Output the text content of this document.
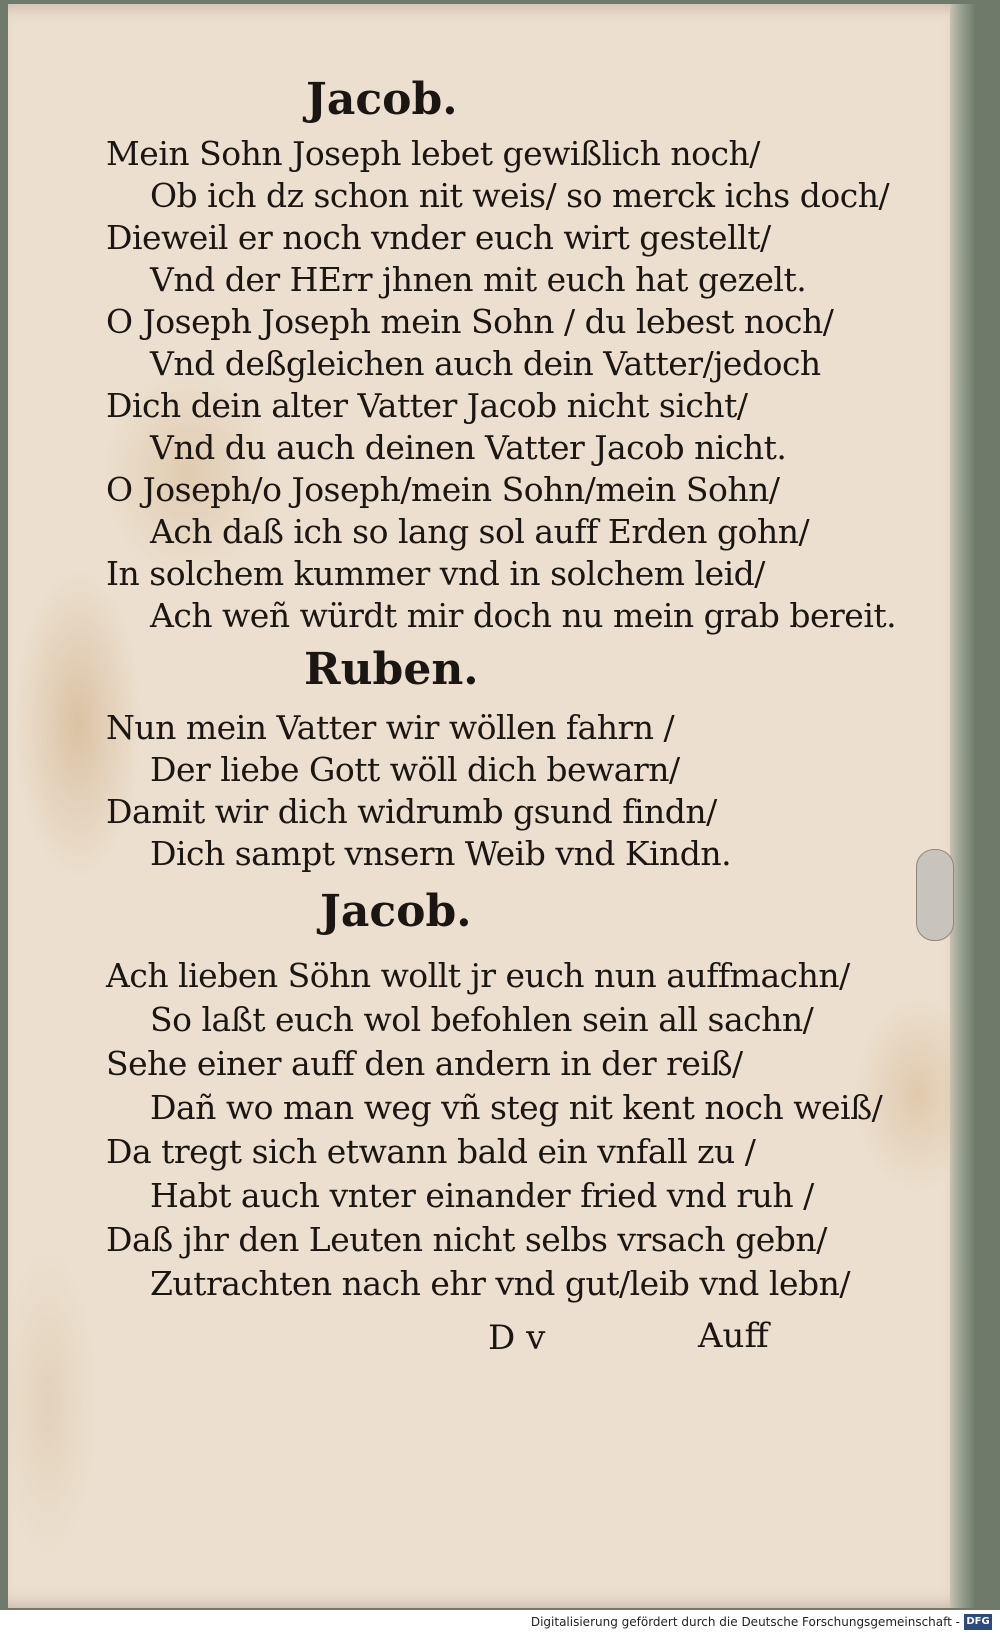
Jacob.
Mein Sohn Joseph lebet gewißlich noch/
Ob ich dz schon nit weis/ so merck ichs doch/
Dieweil er noch vnder euch wirt gestellt/
Vnd der HErr jhnen mit euch hat gezelt.
O Joseph Joseph mein Sohn / du lebest noch/
Vnd deßgleichen auch dein Vatter/jedoch
Dich dein alter Vatter Jacob nicht sicht/
Vnd du auch deinen Vatter Jacob nicht.
O Joseph/o Joseph/mein Sohn/mein Sohn/
Ach daß ich so lang sol auff Erden gohn/
In solchem kummer vnd in solchem leid/
Ach weñ würdt mir doch nu mein grab bereit.
Ruben.
Nun mein Vatter wir wöllen fahrn /
Der liebe Gott wöll dich bewarn/
Damit wir dich widrumb gsund findn/
Dich sampt vnsern Weib vnd Kindn.
Jacob.
Ach lieben Söhn wollt jr euch nun auffmachn/
So laßt euch wol befohlen sein all sachn/
Sehe einer auff den andern in der reiß/
Dañ wo man weg vñ steg nit kent noch weiß/
Da tregt sich etwann bald ein vnfall zu /
Habt auch vnter einander fried vnd ruh /
Daß jhr den Leuten nicht selbs vrsach gebn/
Zutrachten nach ehr vnd gut/leib vnd lebn/
D v	Auff
Digitalisierung gefördert durch die Deutsche Forschungsgemeinschaft - DFG
